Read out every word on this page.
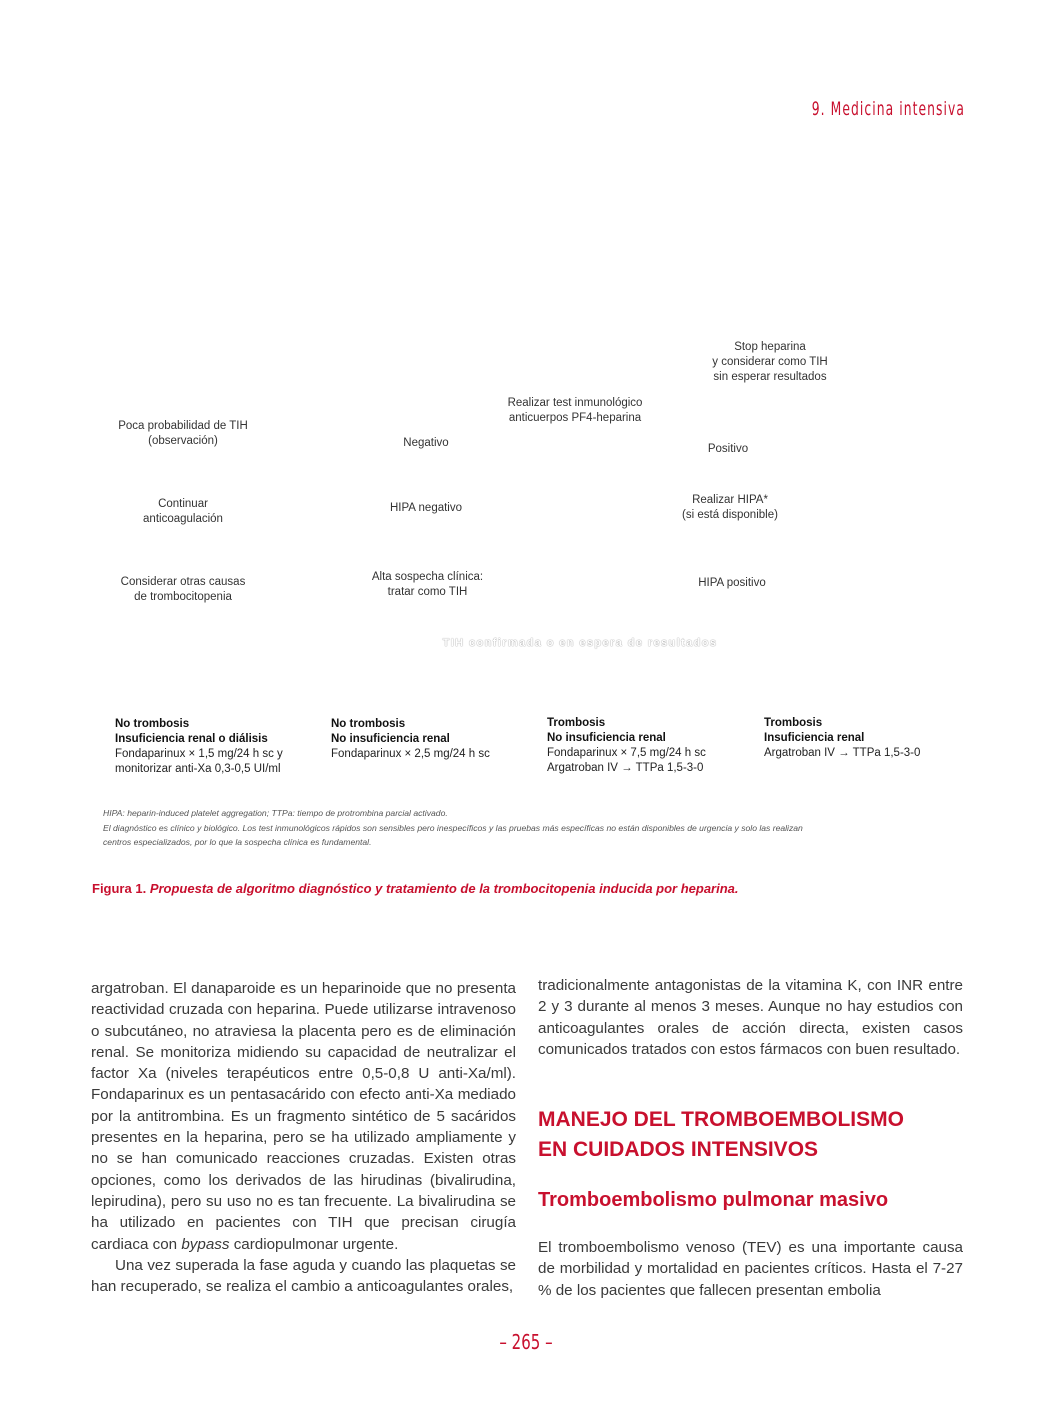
9. Medicina intensiva
Stop heparina
y considerar como TIH
sin esperar resultados
Realizar test inmunológico
anticuerpos PF4-heparina
Poca probabilidad de TIH
(observación)	Negativo	Positivo
Continuar
anticoagulación
HIPA negativo
Realizar HIPA*
(si está disponible)
Considerar otras causas
de trombocitopenia
Alta sospecha clínica:
tratar como TIH
HIPA positivo
TIH confirmada o en espera de resultados
No trombosis
Insuficiencia renal o diálisis
Fondaparinux × 1,5 mg/24 h sc y
monitorizar anti-Xa 0,3-0,5 UI/ml
No trombosis
No insuficiencia renal
Fondaparinux × 2,5 mg/24 h sc
Trombosis
No insuficiencia renal
Fondaparinux × 7,5 mg/24 h sc
Argatroban IV → TTPa 1,5-3-0
Trombosis
Insuficiencia renal
Argatroban IV → TTPa 1,5-3-0
HIPA: heparin-induced platelet aggregation; TTPa: tiempo de protrombina parcial activado.
El diagnóstico es clínico y biológico. Los test inmunológicos rápidos son sensibles pero inespecíficos y las pruebas más específicas no están disponibles de urgencia y solo las realizan
centros especializados, por lo que la sospecha clínica es fundamental.
Figura 1. Propuesta de algoritmo diagnóstico y tratamiento de la trombocitopenia inducida por heparina.

argatroban. El danaparoide es un heparinoide que no presenta reactividad cruzada con heparina. Puede utilizarse intravenoso o subcutáneo, no atraviesa la placenta pero es de eliminación renal. Se monitoriza midiendo su capacidad de neutralizar el factor Xa (niveles terapéuticos entre 0,5-0,8 U anti-Xa/ml). Fondaparinux es un pentasacárido con efecto anti-Xa mediado por la antitrombina. Es un fragmento sintético de 5 sacáridos presentes en la heparina, pero se ha utilizado ampliamente y no se han comunicado reacciones cruzadas. Existen otras opciones, como los derivados de las hirudinas (bivalirudina, lepirudina), pero su uso no es tan frecuente. La bivalirudina se ha utilizado en pacientes con TIH que precisan cirugía cardiaca con bypass cardiopulmonar urgente.

Una vez superada la fase aguda y cuando las plaquetas se han recuperado, se realiza el cambio a anticoagulantes orales,

tradicionalmente antagonistas de la vitamina K, con INR entre 2 y 3 durante al menos 3 meses. Aunque no hay estudios con anticoagulantes orales de acción directa, existen casos comunicados tratados con estos fármacos con buen resultado.

MANEJO DEL TROMBOEMBOLISMO
EN CUIDADOS INTENSIVOS
Tromboembolismo pulmonar masivo

El tromboembolismo venoso (TEV) es una importante causa de morbilidad y mortalidad en pacientes críticos. Hasta el 7-27 % de los pacientes que fallecen presentan embolia

– 265 –
